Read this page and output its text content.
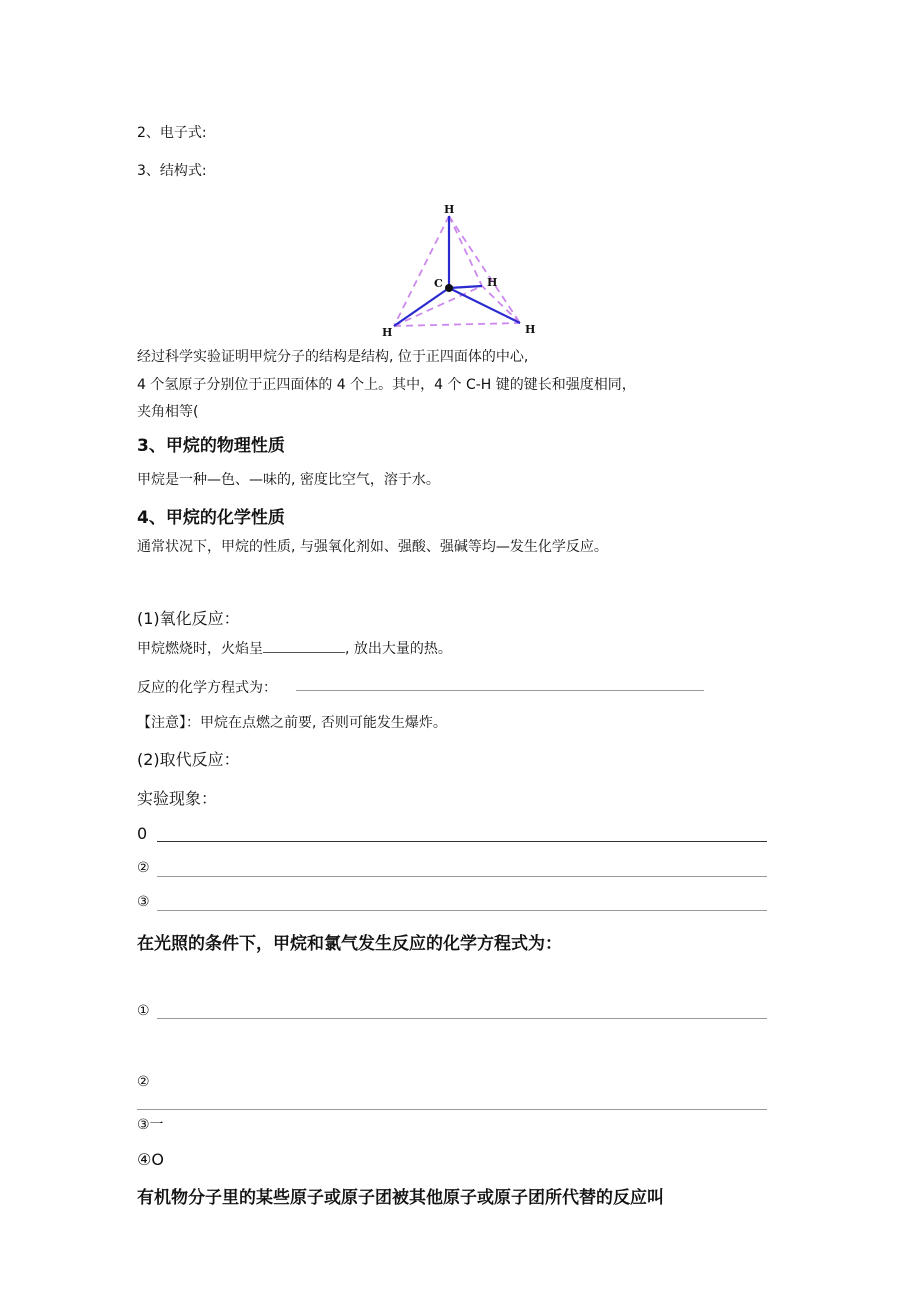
2、电子式:
3、结构式:
H
C	H
H	H
经过科学实验证明甲烷分子的结构是结构, 位于正四面体的中心,
4 个氢原子分别位于正四面体的 4 个上。其中，4 个 C-H 键的键长和强度相同，
夹角相等(
3、甲烷的物理性质
甲烷是一种—色、—味的, 密度比空气，溶于水。
4、甲烷的化学性质
通常状况下，甲烷的性质, 与强氧化剂如、强酸、强碱等均—发生化学反应。
(1)氧化反应：
甲烷燃烧时，火焰呈	, 放出大量的热。
反应的化学方程式为：
【注意】：甲烷在点燃之前要, 否则可能发生爆炸。
(2)取代反应：
实验现象：
0
②
③
在光照的条件下，甲烷和氯气发生反应的化学方程式为：
①
②
③一
④O
有机物分子里的某些原子或原子团被其他原子或原子团所代替的反应叫
